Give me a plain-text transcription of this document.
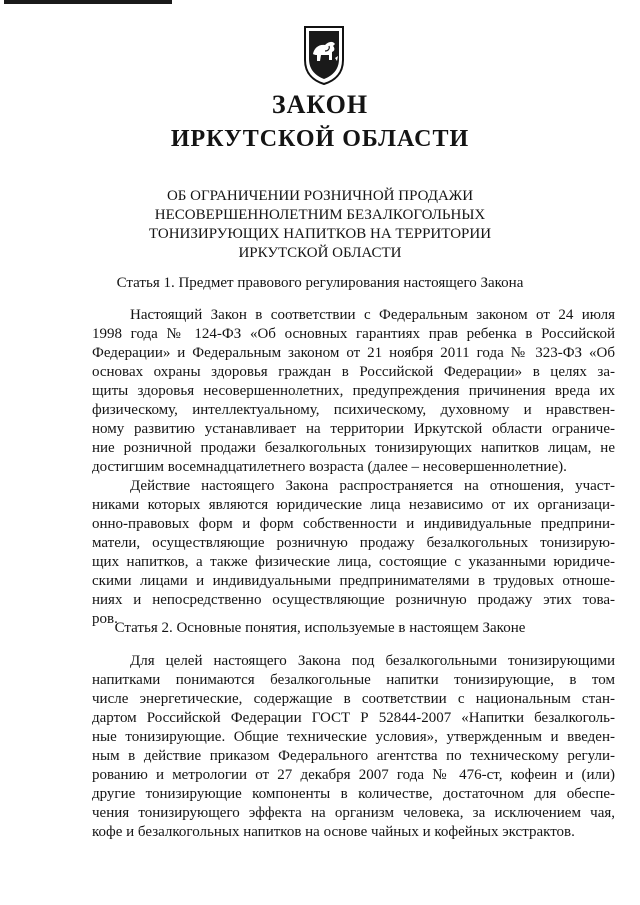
ЗАКОН
ИРКУТСКОЙ ОБЛАСТИ
ОБ ОГРАНИЧЕНИИ РОЗНИЧНОЙ ПРОДАЖИ
НЕСОВЕРШЕННОЛЕТНИМ БЕЗАЛКОГОЛЬНЫХ
ТОНИЗИРУЮЩИХ НАПИТКОВ НА ТЕРРИТОРИИ
ИРКУТСКОЙ ОБЛАСТИ
Статья 1. Предмет правового регулирования настоящего Закона
Настоящий Закон в соответствии с Федеральным законом от 24 июля
1998 года № 124-ФЗ «Об основных гарантиях прав ребенка в Российской
Федерации» и Федеральным законом от 21 ноября 2011 года № 323-ФЗ «Об
основах охраны здоровья граждан в Российской Федерации» в целях за-
щиты здоровья несовершеннолетних, предупреждения причинения вреда их
физическому, интеллектуальному, психическому, духовному и нравствен-
ному развитию устанавливает на территории Иркутской области ограниче-
ние розничной продажи безалкогольных тонизирующих напитков лицам, не
достигшим восемнадцатилетнего возраста (далее – несовершеннолетние).
Действие настоящего Закона распространяется на отношения, участ-
никами которых являются юридические лица независимо от их организаци-
онно-правовых форм и форм собственности и индивидуальные предприни-
матели, осуществляющие розничную продажу безалкогольных тонизирую-
щих напитков, а также физические лица, состоящие с указанными юридиче-
скими лицами и индивидуальными предпринимателями в трудовых отноше-
ниях и непосредственно осуществляющие розничную продажу этих това-
ров.
Статья 2. Основные понятия, используемые в настоящем Законе
Для целей настоящего Закона под безалкогольными тонизирующими
напитками понимаются безалкогольные напитки тонизирующие, в том
числе энергетические, содержащие в соответствии с национальным стан-
дартом Российской Федерации ГОСТ Р 52844-2007 «Напитки безалкоголь-
ные тонизирующие. Общие технические условия», утвержденным и введен-
ным в действие приказом Федерального агентства по техническому регули-
рованию и метрологии от 27 декабря 2007 года № 476-ст, кофеин и (или)
другие тонизирующие компоненты в количестве, достаточном для обеспе-
чения тонизирующего эффекта на организм человека, за исключением чая,
кофе и безалкогольных напитков на основе чайных и кофейных экстрактов.
